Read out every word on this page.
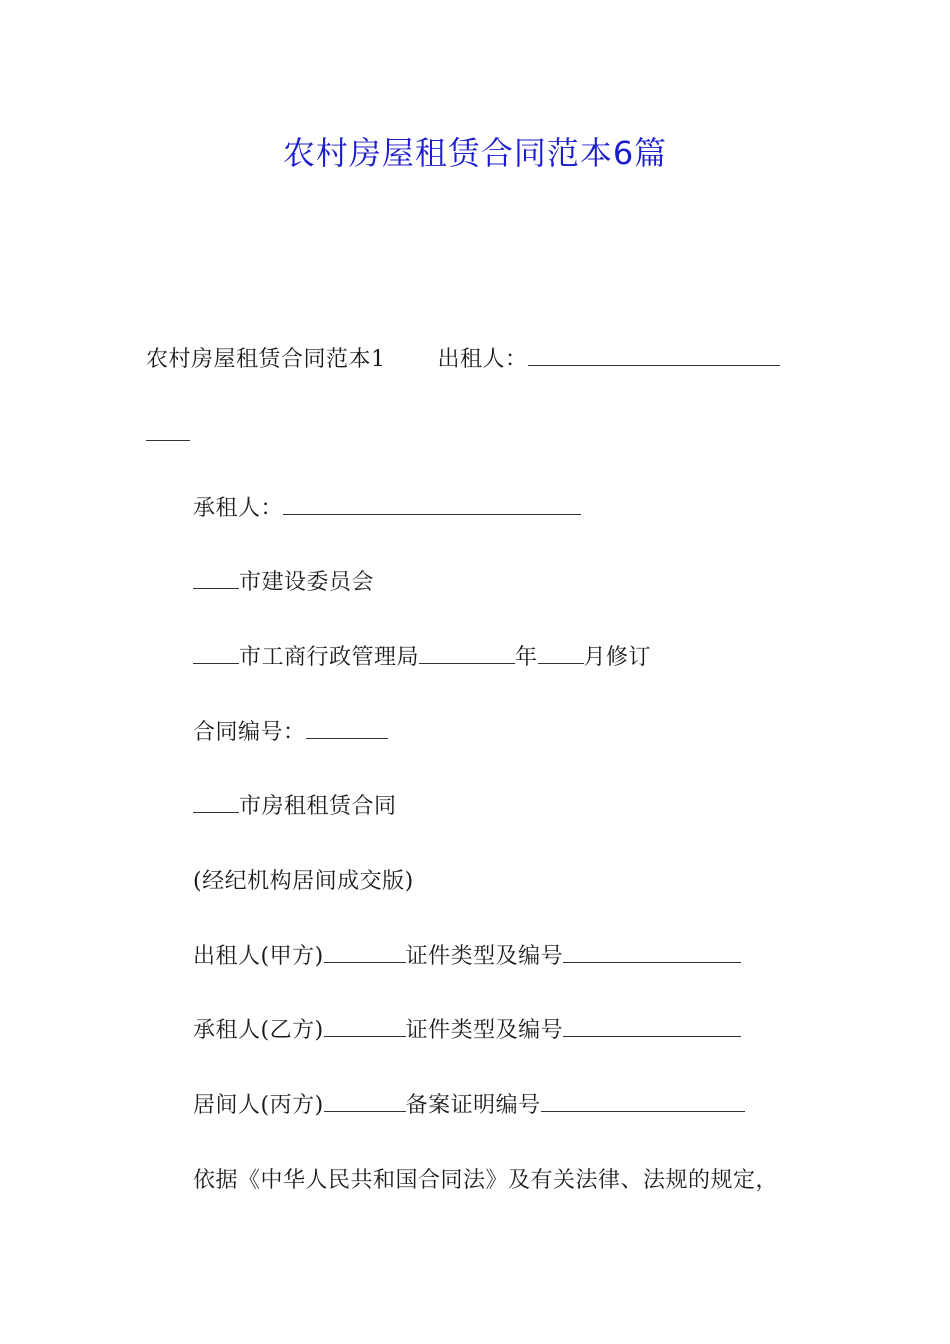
农村房屋租赁合同范本6篇
农村房屋租赁合同范本1 出租人：
承租人：
市建设委员会
市工商行政管理局	年 月修订
合同编号：
市房租租赁合同
(经纪机构居间成交版)
出租人(甲方)	证件类型及编号
承租人(乙方)	证件类型及编号
居间人(丙方)	备案证明编号
依据《中华人民共和国合同法》及有关法律、法规的规定，
